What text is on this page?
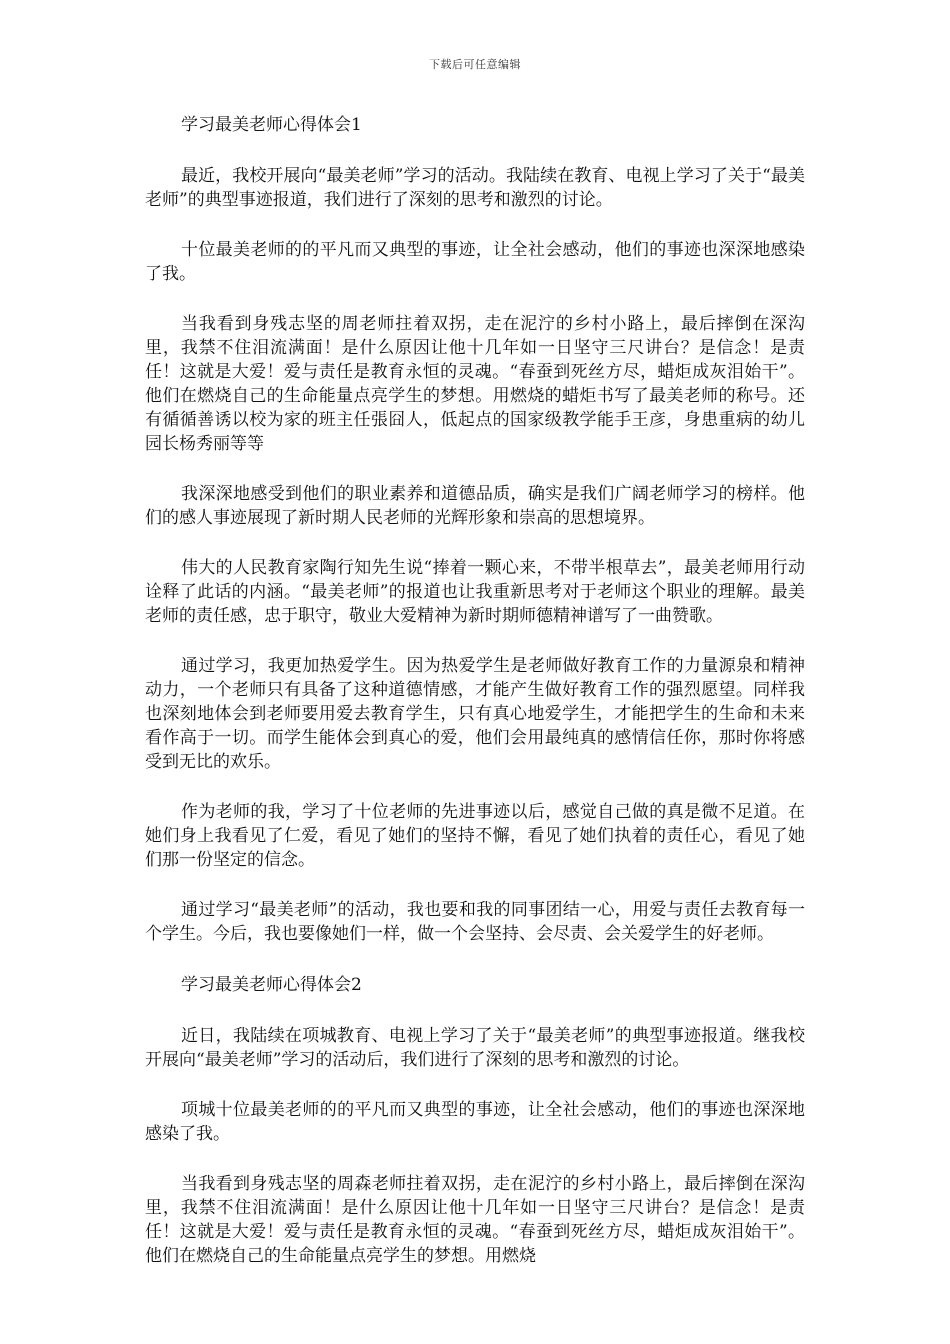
下载后可任意编辑
学习最美老师心得体会1

最近，我校开展向“最美老师”学习的活动。我陆续在教育、电视上学习了关于“最美老师”的典型事迹报道，我们进行了深刻的思考和激烈的讨论。

十位最美老师的的平凡而又典型的事迹，让全社会感动，他们的事迹也深深地感染了我。

当我看到身残志坚的周老师拄着双拐，走在泥泞的乡村小路上，最后摔倒在深沟里，我禁不住泪流满面！是什么原因让他十几年如一日坚守三尺讲台？是信念！是责任！这就是大爱！爱与责任是教育永恒的灵魂。“春蚕到死丝方尽，蜡炬成灰泪始干”。他们在燃烧自己的生命能量点亮学生的梦想。用燃烧的蜡炬书写了最美老师的称号。还有循循善诱以校为家的班主任張囧人，低起点的国家级教学能手王彦，身患重病的幼儿园长杨秀丽等等

我深深地感受到他们的职业素养和道德品质，确实是我们广阔老师学习的榜样。他们的感人事迹展现了新时期人民老师的光辉形象和崇高的思想境界。

伟大的人民教育家陶行知先生说“捧着一颗心来，不带半根草去”，最美老师用行动诠释了此话的内涵。“最美老师”的报道也让我重新思考对于老师这个职业的理解。最美老师的责任感，忠于职守，敬业大爱精神为新时期师德精神谱写了一曲赞歌。

通过学习，我更加热爱学生。因为热爱学生是老师做好教育工作的力量源泉和精神动力，一个老师只有具备了这种道德情感，才能产生做好教育工作的强烈愿望。同样我也深刻地体会到老师要用爱去教育学生，只有真心地爱学生，才能把学生的生命和未来看作高于一切。而学生能体会到真心的爱，他们会用最纯真的感情信任你，那时你将感受到无比的欢乐。

作为老师的我，学习了十位老师的先进事迹以后，感觉自己做的真是微不足道。在她们身上我看见了仁爱，看见了她们的坚持不懈，看见了她们执着的责任心，看见了她们那一份坚定的信念。

通过学习“最美老师”的活动，我也要和我的同事团结一心，用爱与责任去教育每一个学生。今后，我也要像她们一样，做一个会坚持、会尽责、会关爱学生的好老师。

学习最美老师心得体会2

近日，我陆续在项城教育、电视上学习了关于“最美老师”的典型事迹报道。继我校开展向“最美老师”学习的活动后，我们进行了深刻的思考和激烈的讨论。

项城十位最美老师的的平凡而又典型的事迹，让全社会感动，他们的事迹也深深地感染了我。

当我看到身残志坚的周森老师拄着双拐，走在泥泞的乡村小路上，最后摔倒在深沟里，我禁不住泪流满面！是什么原因让他十几年如一日坚守三尺讲台？是信念！是责任！这就是大爱！爱与责任是教育永恒的灵魂。“春蚕到死丝方尽，蜡炬成灰泪始干”。他们在燃烧自己的生命能量点亮学生的梦想。用燃烧
